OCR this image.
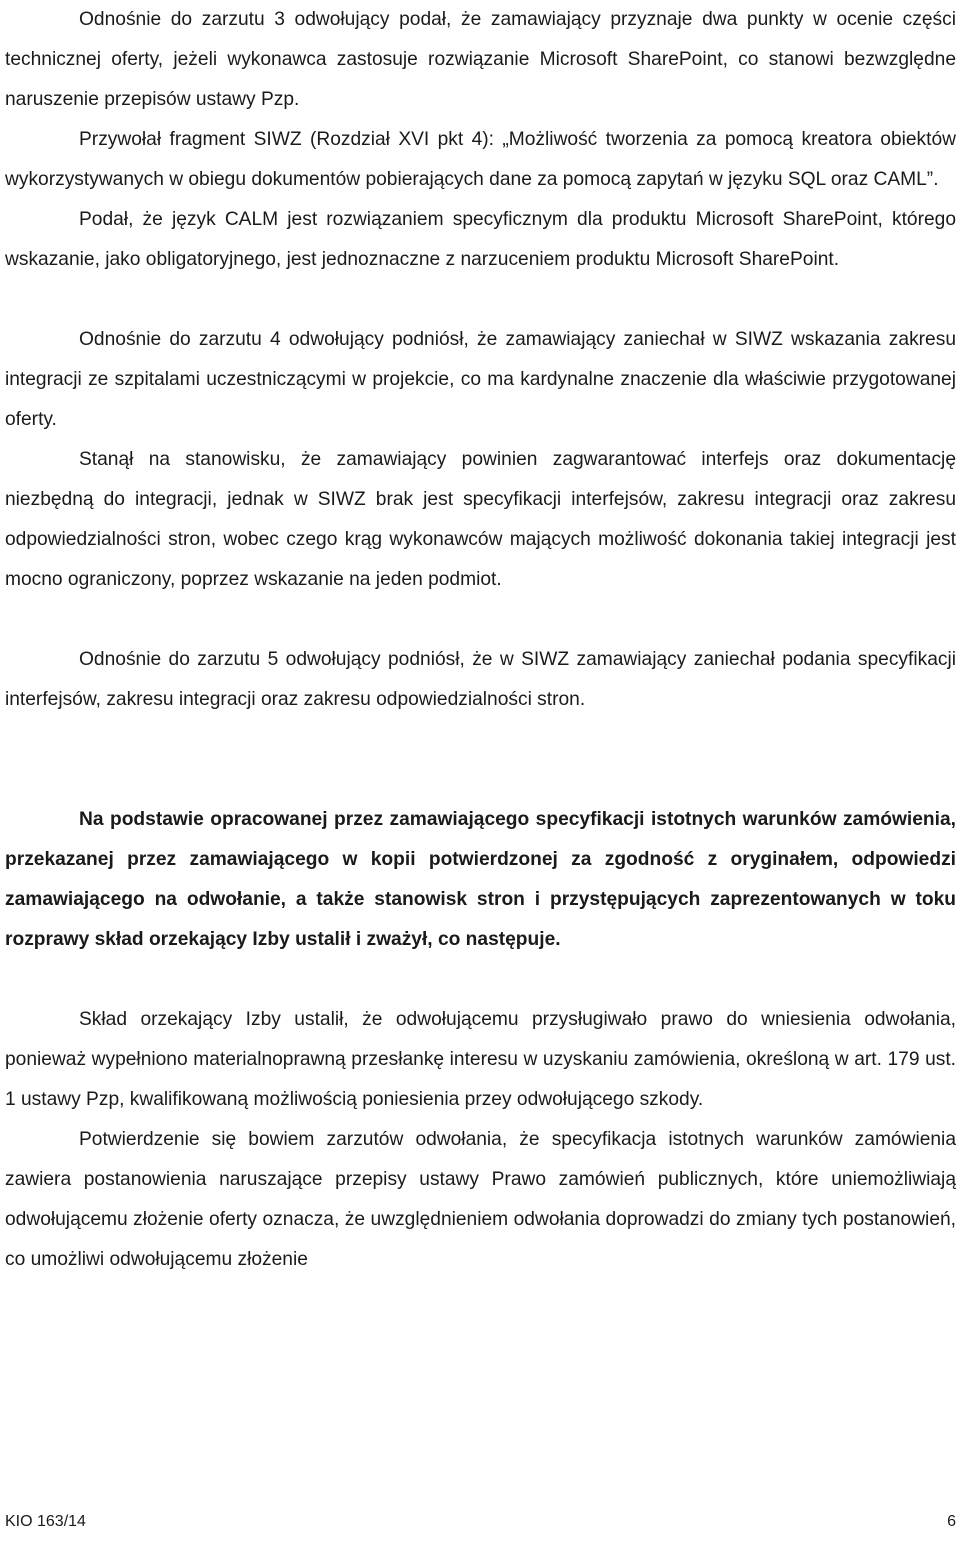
Odnośnie do zarzutu 3 odwołujący podał, że zamawiający przyznaje dwa punkty w ocenie części technicznej oferty, jeżeli wykonawca zastosuje rozwiązanie Microsoft SharePoint, co stanowi bezwzględne naruszenie przepisów ustawy Pzp.

Przywołał fragment SIWZ (Rozdział XVI pkt 4): „Możliwość tworzenia za pomocą kreatora obiektów wykorzystywanych w obiegu dokumentów pobierających dane za pomocą zapytań w języku SQL oraz CAML”.

Podał, że język CALM jest rozwiązaniem specyficznym dla produktu Microsoft SharePoint, którego wskazanie, jako obligatoryjnego, jest jednoznaczne z narzuceniem produktu Microsoft SharePoint.

Odnośnie do zarzutu 4 odwołujący podniósł, że zamawiający zaniechał w SIWZ wskazania zakresu integracji ze szpitalami uczestniczącymi w projekcie, co ma kardynalne znaczenie dla właściwie przygotowanej oferty.

Stanął na stanowisku, że zamawiający powinien zagwarantować interfejs oraz dokumentację niezbędną do integracji, jednak w SIWZ brak jest specyfikacji interfejsów, zakresu integracji oraz zakresu odpowiedzialności stron, wobec czego krąg wykonawców mających możliwość dokonania takiej integracji jest mocno ograniczony, poprzez wskazanie na jeden podmiot.

Odnośnie do zarzutu 5 odwołujący podniósł, że w SIWZ zamawiający zaniechał podania specyfikacji interfejsów, zakresu integracji oraz zakresu odpowiedzialności stron.

Na podstawie opracowanej przez zamawiającego specyfikacji istotnych warunków zamówienia, przekazanej przez zamawiającego w kopii potwierdzonej za zgodność z oryginałem, odpowiedzi zamawiającego na odwołanie, a także stanowisk stron i przystępujących zaprezentowanych w toku rozprawy skład orzekający Izby ustalił i zważył, co następuje.

Skład orzekający Izby ustalił, że odwołującemu przysługiwało prawo do wniesienia odwołania, ponieważ wypełniono materialnoprawną przesłankę interesu w uzyskaniu zamówienia, określoną w art. 179 ust. 1 ustawy Pzp, kwalifikowaną możliwością poniesienia przey odwołującego szkody.

Potwierdzenie się bowiem zarzutów odwołania, że specyfikacja istotnych warunków zamówienia zawiera postanowienia naruszające przepisy ustawy Prawo zamówień publicznych, które uniemożliwiają odwołującemu złożenie oferty oznacza, że uwzględnieniem odwołania doprowadzi do zmiany tych postanowień, co umożliwi odwołującemu złożenie

KIO 163/14	6
